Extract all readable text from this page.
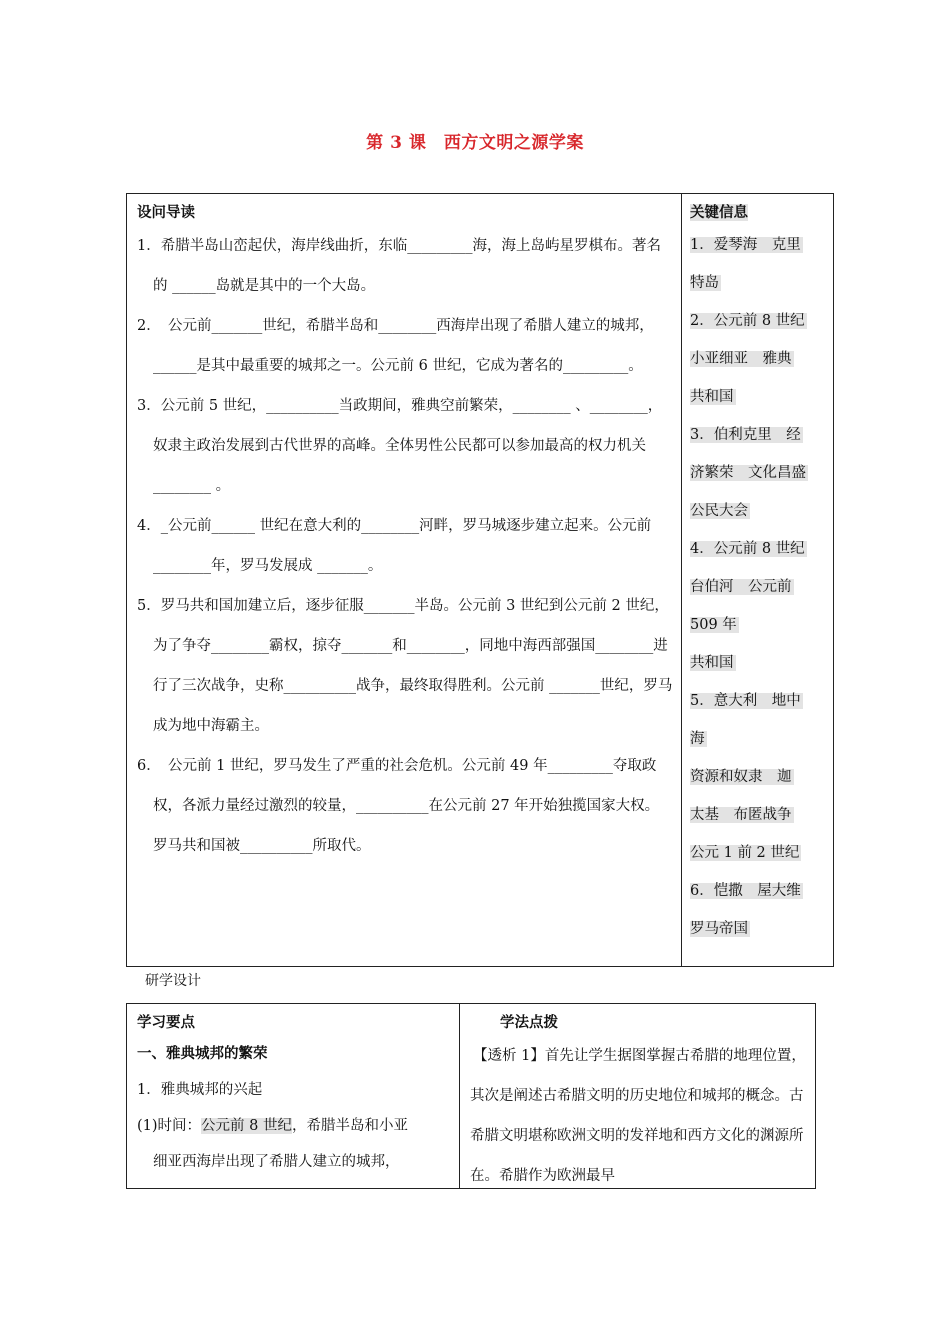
第 3 课　西方文明之源学案
设问导读

1．希腊半岛山峦起伏，海岸线曲折，东临_________海，海上岛屿星罗棋布。著名的 ______岛就是其中的一个大岛。

2．　公元前_______世纪，希腊半岛和________西海岸出现了希腊人建立的城邦， ______是其中最重要的城邦之一。公元前 6 世纪，它成为著名的_________。

3．公元前 5 世纪，__________当政期间，雅典空前繁荣，________ 、________，奴隶主政治发展到古代世界的高峰。全体男性公民都可以参加最高的权力机关　________ 。

4．_公元前______ 世纪在意大利的________河畔，罗马城逐步建立起来。公元前 ________年，罗马发展成 _______。

5．罗马共和国加建立后，逐步征服_______半岛。公元前 3 世纪到公元前 2 世纪，为了争夺________霸权，掠夺_______和________，同地中海西部强国________进行了三次战争，史称__________战争，最终取得胜利。公元前 _______世纪，罗马成为地中海霸主。

6．　公元前 1 世纪，罗马发生了严重的社会危机。公元前 49 年_________夺取政权，各派力量经过激烈的较量，__________在公元前 27 年开始独揽国家大权。罗马共和国被__________所取代。

关键信息
1．爱琴海　克里
特岛
2．公元前 8 世纪
小亚细亚　雅典
共和国
3．伯利克里　经
济繁荣　文化昌盛
公民大会
4．公元前 8 世纪
台伯河　公元前
509 年
共和国
5．意大利　地中
海
资源和奴隶　迦
太基　布匿战争
公元 1 前 2 世纪
6．恺撒　屋大维
罗马帝国
研学设计
学习要点
一、雅典城邦的繁荣
1．雅典城邦的兴起
(1)时间：公元前 8 世纪，希腊半岛和小亚
细亚西海岸出现了希腊人建立的城邦，
学法点拨
【透析 1】首先让学生据图掌握古希腊的地理位置，其次是阐述古希腊文明的历史地位和城邦的概念。古希腊文明堪称欧洲文明的发祥地和西方文化的渊源所在。希腊作为欧洲最早
